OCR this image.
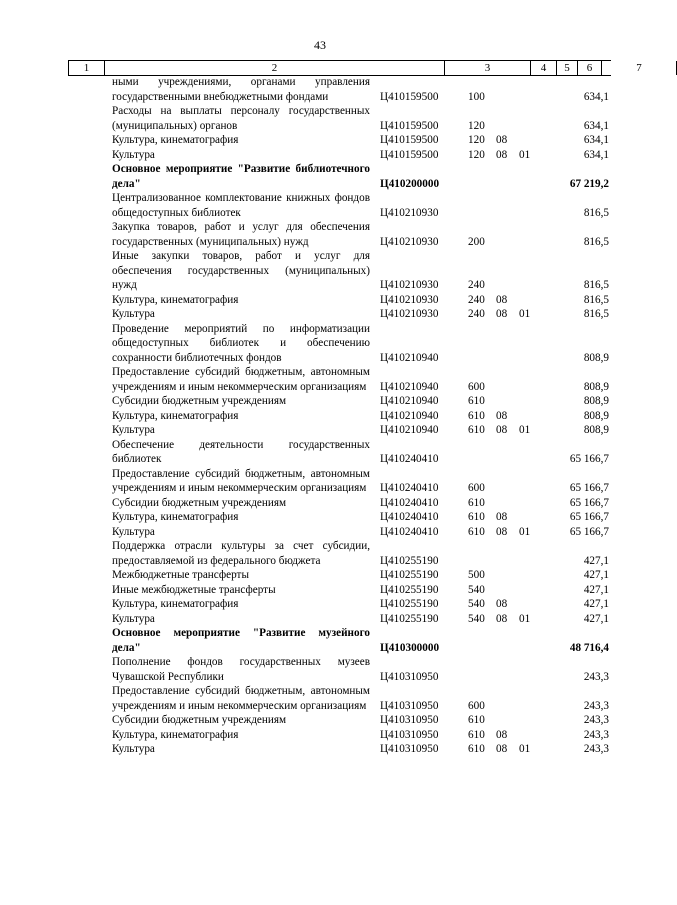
43
1	2	3	4	5	6	7
ными учреждениями, органами управления государственными внебюджетными фондами	Ц410159500	100	634,1
Расходы на выплаты персоналу государственных (муниципальных) органов	Ц410159500	120	634,1
Культура, кинематография	Ц410159500	120 08	634,1
Культура	Ц410159500	120 08 01	634,1
Основное мероприятие "Развитие библиотечного дела"	Ц410200000	67 219,2
Централизованное комплектование книжных фондов общедоступных библиотек	Ц410210930	816,5
Закупка товаров, работ и услуг для обеспечения государственных (муниципальных) нужд	Ц410210930	200	816,5
Иные закупки товаров, работ и услуг для обеспечения государственных (муниципальных) нужд	Ц410210930	240	816,5
Культура, кинематография	Ц410210930	240 08	816,5
Культура	Ц410210930	240 08 01	816,5
Проведение мероприятий по информатизации общедоступных библиотек и обеспечению сохранности библиотечных фондов	Ц410210940	808,9
Предоставление субсидий бюджетным, автономным учреждениям и иным некоммерческим организациям	Ц410210940	600	808,9
Субсидии бюджетным учреждениям	Ц410210940	610	808,9
Культура, кинематография	Ц410210940	610 08	808,9
Культура	Ц410210940	610 08 01	808,9
Обеспечение деятельности государственных библиотек	Ц410240410	65 166,7
Предоставление субсидий бюджетным, автономным учреждениям и иным некоммерческим организациям	Ц410240410	600	65 166,7
Субсидии бюджетным учреждениям	Ц410240410	610	65 166,7
Культура, кинематография	Ц410240410	610 08	65 166,7
Культура	Ц410240410	610 08 01	65 166,7
Поддержка отрасли культуры за счет субсидии, предоставляемой из федерального бюджета	Ц410255190	427,1
Межбюджетные трансферты	Ц410255190	500	427,1
Иные межбюджетные трансферты	Ц410255190	540	427,1
Культура, кинематография	Ц410255190	540 08	427,1
Культура	Ц410255190	540 08 01	427,1
Основное мероприятие "Развитие музейного дела"	Ц410300000	48 716,4
Пополнение фондов государственных музеев Чувашской Республики	Ц410310950	243,3
Предоставление субсидий бюджетным, автономным учреждениям и иным некоммерческим организациям	Ц410310950	600	243,3
Субсидии бюджетным учреждениям	Ц410310950	610	243,3
Культура, кинематография	Ц410310950	610 08	243,3
Культура	Ц410310950	610 08 01	243,3
